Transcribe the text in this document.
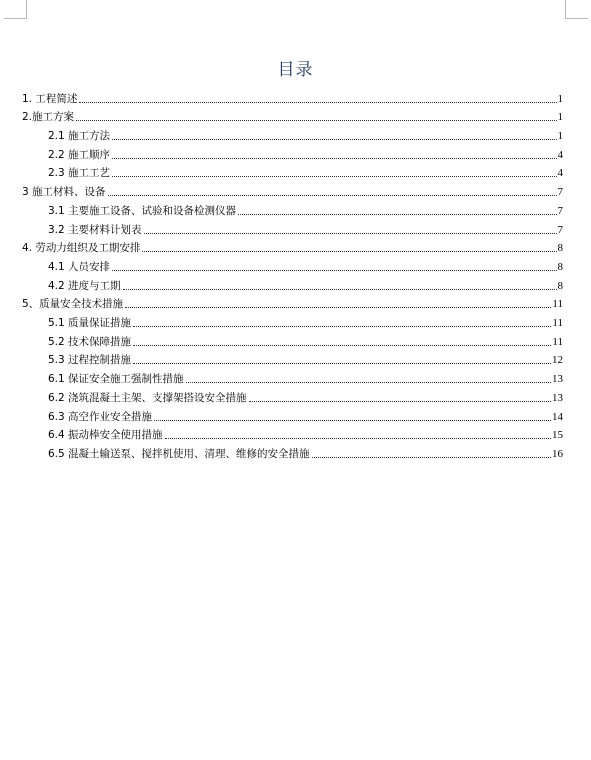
目录
1. 工程简述	1
2.施工方案	1
2.1 施工方法	1
2.2 施工顺序	4
2.3 施工工艺	4
3 施工材料、设备	7
3.1 主要施工设备、试验和设备检测仪器	7
3.2 主要材料计划表	7
4. 劳动力组织及工期安排	8
4.1 人员安排	8
4.2 进度与工期	8
5、质量安全技术措施	11
5.1 质量保证措施	11
5.2 技术保障措施	11
5.3 过程控制措施	12
6.1 保证安全施工强制性措施	13
6.2 浇筑混凝土主架、支撑架搭设安全措施	13
6.3 高空作业安全措施	14
6.4 振动棒安全使用措施	15
6.5 混凝土输送泵、搅拌机使用、清理、维修的安全措施	16
